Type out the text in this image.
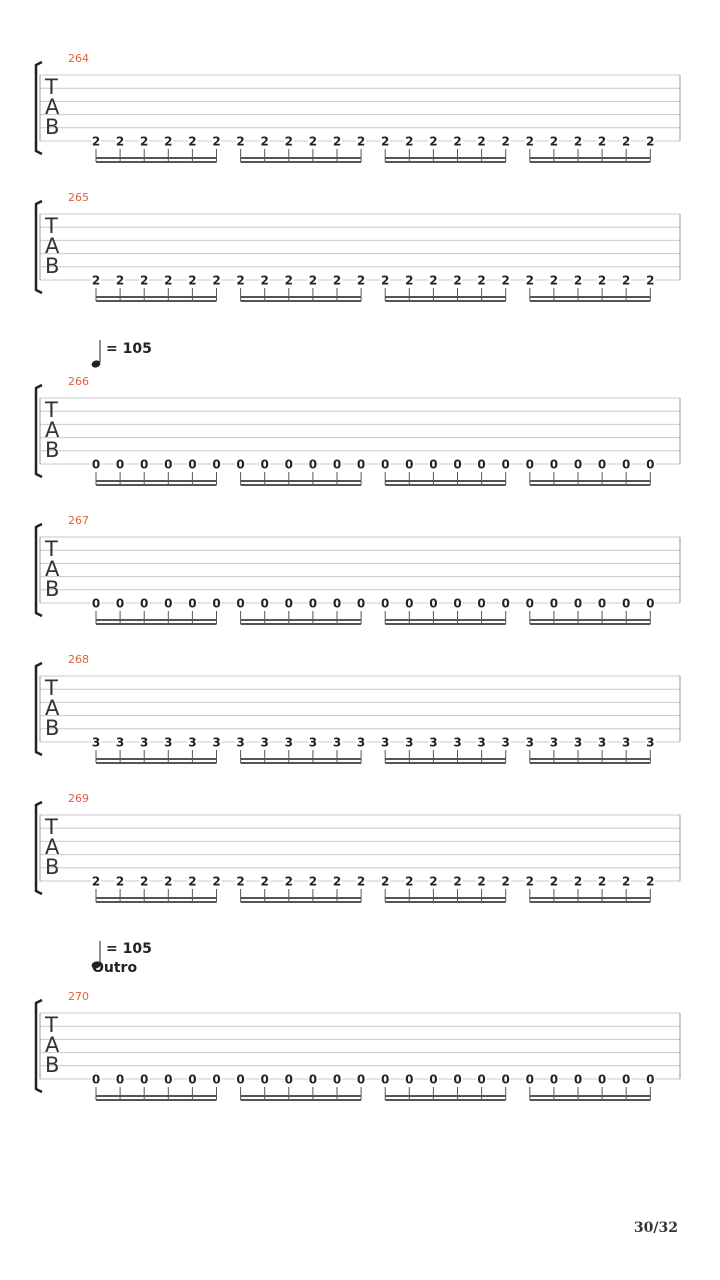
264
T
A
B
2 2 2 2 2 2 2 2 2 2 2 2 2 2 2 2 2 2 2 2 2 2 2 2
265
T
A
B
2 2 2 2 2 2 2 2 2 2 2 2 2 2 2 2 2 2 2 2 2 2 2 2
266
= 105
T
A
B
0 0 0 0 0 0 0 0 0 0 0 0 0 0 0 0 0 0 0 0 0 0 0 0
267
T
A
B
0 0 0 0 0 0 0 0 0 0 0 0 0 0 0 0 0 0 0 0 0 0 0 0
268
T
A
B
3 3 3 3 3 3 3 3 3 3 3 3 3 3 3 3 3 3 3 3 3 3 3 3
269
T
A
B
2 2 2 2 2 2 2 2 2 2 2 2 2 2 2 2 2 2 2 2 2 2 2 2
270
= 105
Outro
T
A
B
0 0 0 0 0 0 0 0 0 0 0 0 0 0 0 0 0 0 0 0 0 0 0 0
30/32
